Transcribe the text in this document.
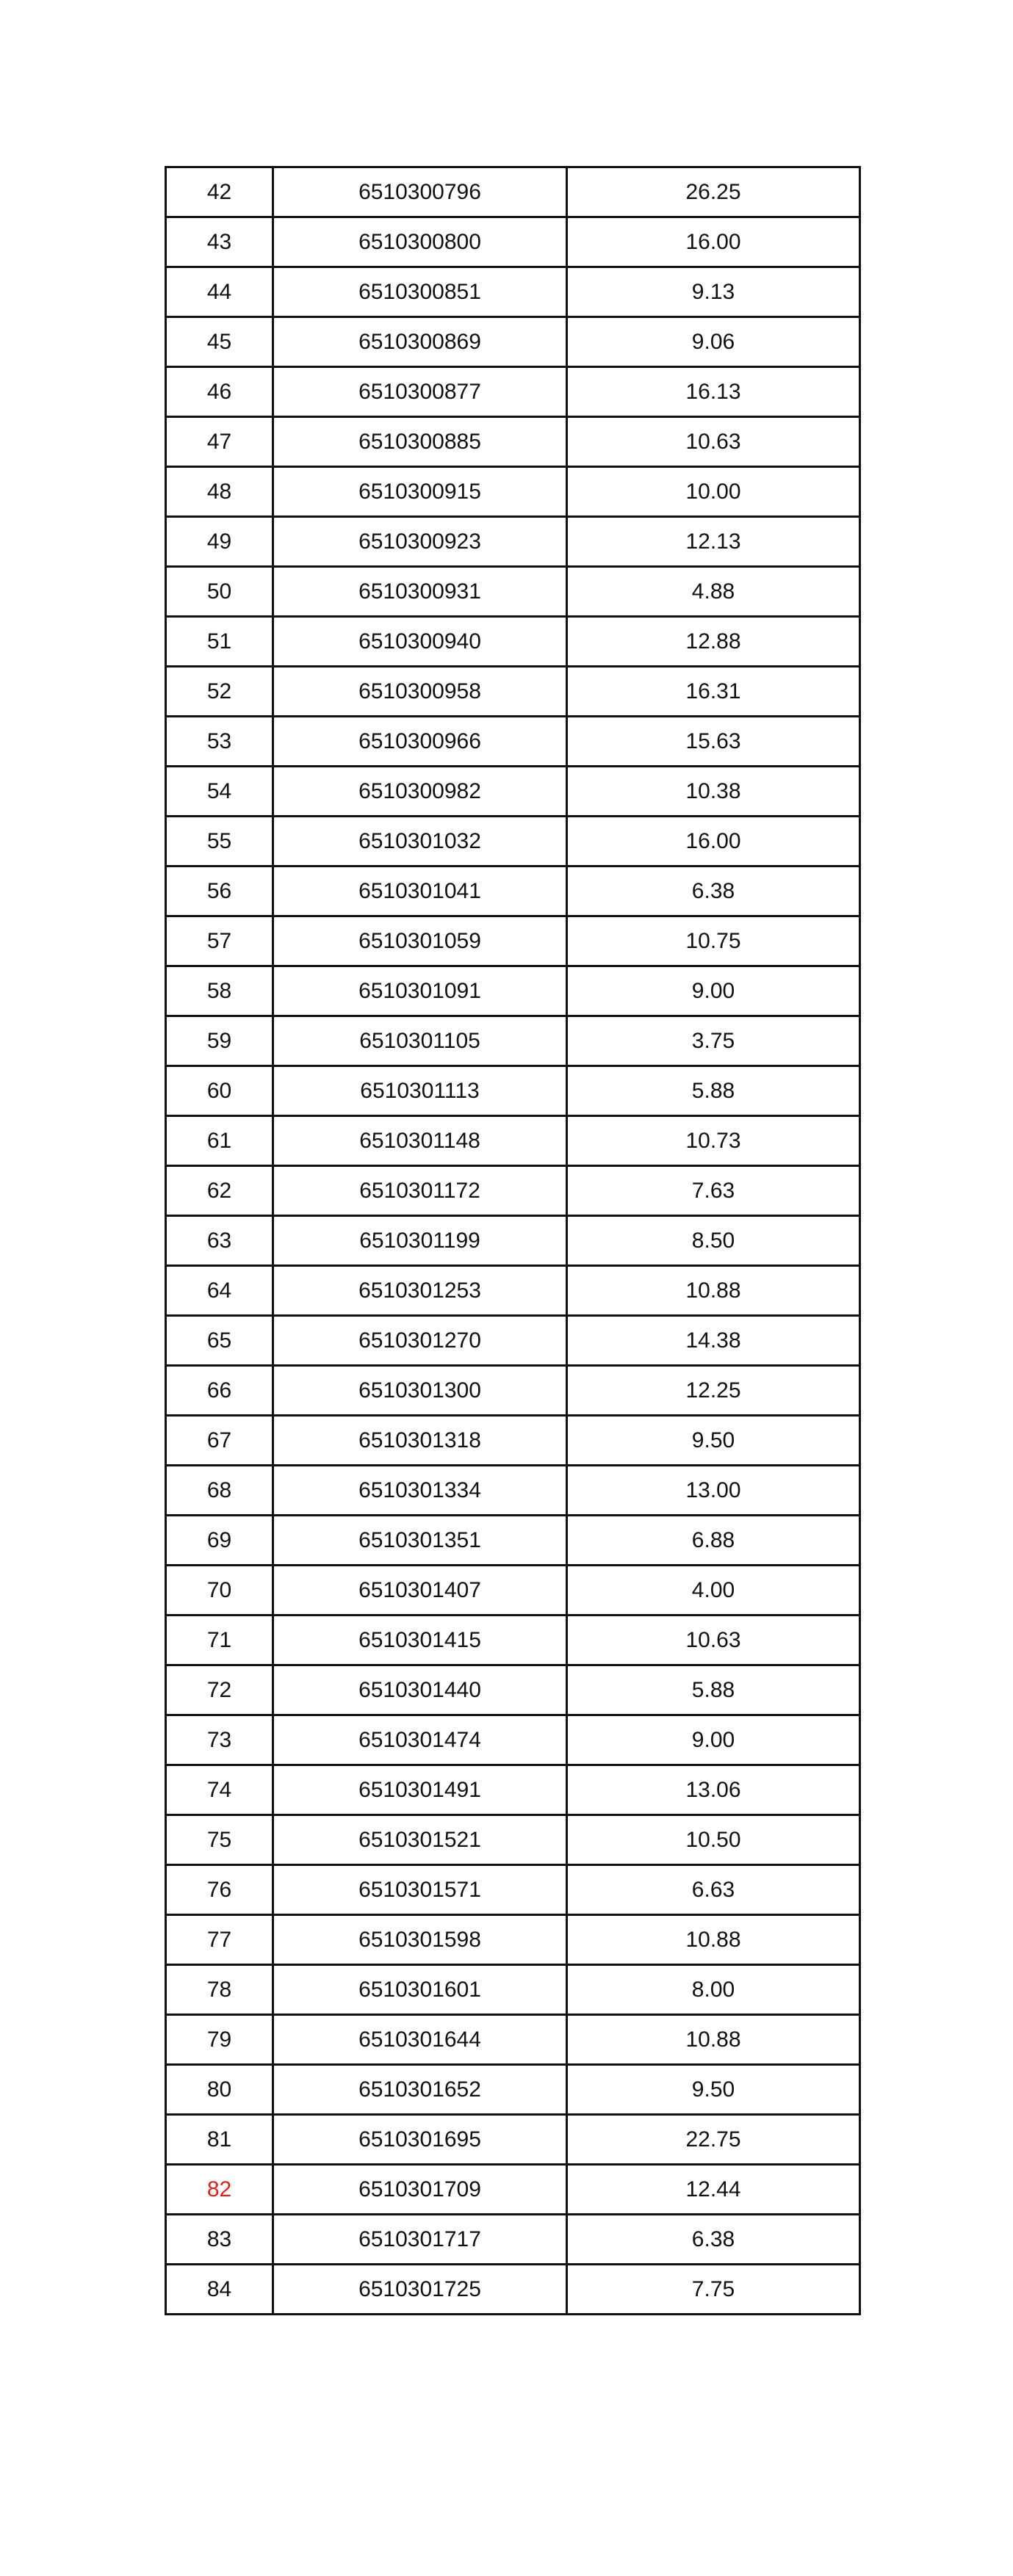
42	6510300796	26.25
43	6510300800	16.00
44	6510300851	9.13
45	6510300869	9.06
46	6510300877	16.13
47	6510300885	10.63
48	6510300915	10.00
49	6510300923	12.13
50	6510300931	4.88
51	6510300940	12.88
52	6510300958	16.31
53	6510300966	15.63
54	6510300982	10.38
55	6510301032	16.00
56	6510301041	6.38
57	6510301059	10.75
58	6510301091	9.00
59	6510301105	3.75
60	6510301113	5.88
61	6510301148	10.73
62	6510301172	7.63
63	6510301199	8.50
64	6510301253	10.88
65	6510301270	14.38
66	6510301300	12.25
67	6510301318	9.50
68	6510301334	13.00
69	6510301351	6.88
70	6510301407	4.00
71	6510301415	10.63
72	6510301440	5.88
73	6510301474	9.00
74	6510301491	13.06
75	6510301521	10.50
76	6510301571	6.63
77	6510301598	10.88
78	6510301601	8.00
79	6510301644	10.88
80	6510301652	9.50
81	6510301695	22.75
82	6510301709	12.44
83	6510301717	6.38
84	6510301725	7.75
